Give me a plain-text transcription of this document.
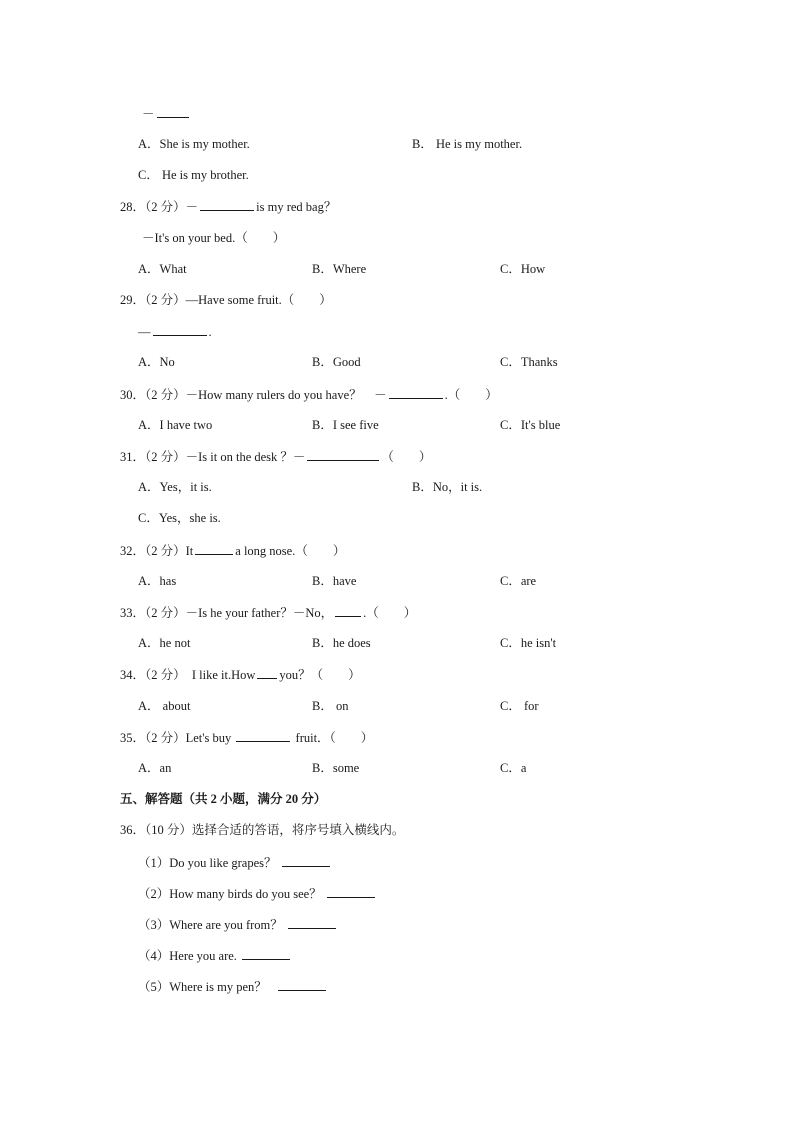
－
A．She is my mother.	B． He is my mother.
C． He is my brother.
28．（2 分）－	is my red bag？
－It's on your bed.（　　）
A．What	B．Where	C．How
29．（2 分）—Have some fruit.（　　）
—	.
A．No	B．Good	C．Thanks
30．（2 分）－How many rulers do you have？　－	.（　　）
A．I have two	B．I see five	C．It's blue
31．（2 分）－Is it on the desk ？－	（　　）
A．Yes，it is.	B．No，it is.
C．Yes，she is.
32．（2 分）It	a long nose.（　　）
A．has	B．have	C．are
33．（2 分）－Is he your father？－No， .（　　）
A．he not	B．he does	C．he isn't
34．（2 分）　I like it.How you？（　　）
A． about	B． on	C． for
35．（2 分）Let's buy	fruit．（　　）
A．an	B．some	C．a
五、解答题（共 2 小题，满分 20 分）
36．（10 分）选择合适的答语，将序号填入横线内。
（1）Do you like grapes？
（2）How many birds do you see？
（3）Where are you from？
（4）Here you are.
（5）Where is my pen？
